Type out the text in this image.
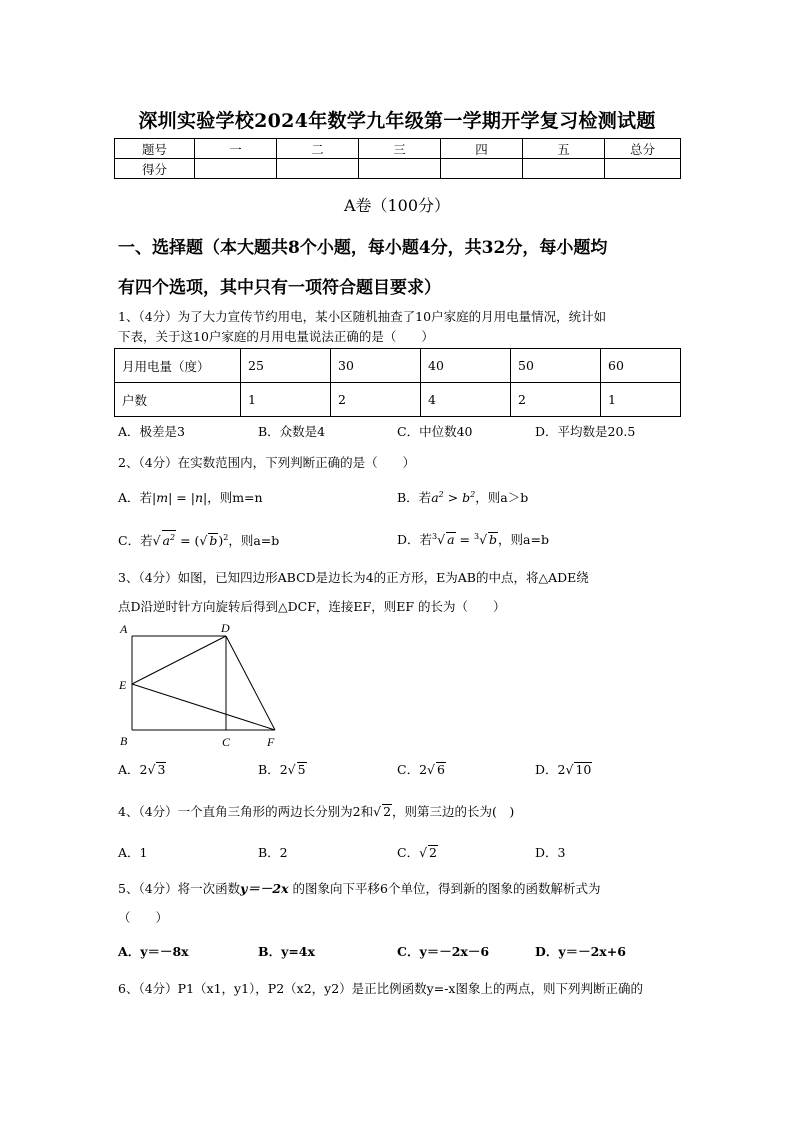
深圳实验学校2024年数学九年级第一学期开学复习检测试题
题号	一	二	三	四	五	总分
得分						
A卷（100分）
一、选择题（本大题共8个小题，每小题4分，共32分，每小题均
有四个选项，其中只有一项符合题目要求）
1、（4分）为了大力宣传节约用电，某小区随机抽查了10户家庭的月用电量情况，统计如
下表，关于这10户家庭的月用电量说法正确的是（　　）
月用电量（度）	25	30	40	50	60
户数	1	2	4	2	1
A．极差是3	B．众数是4	C．中位数40	D．平均数是20.5
2、（4分）在实数范围内，下列判断正确的是（　　）
A．若|m| = |n|，则m=n	B．若$a^2 > b^2$，则a＞b
C．若√ $a^2$ = (√ b)$^2$，则a=b	D．若$^3$√ a = $^3$√ b，则a=b
3、（4分）如图，已知四边形ABCD是边长为4的正方形，E为AB的中点，将△ADE绕
点D沿逆时针方向旋转后得到△DCF，连接EF，则EF 的长为（　　）
A	D
E
B	C	F
A．2√ 3	B．2√ 5	C．2√ 6	D．2√ 10
4、（4分）一个直角三角形的两边长分别为2和√ 2，则第三边的长为(　)
A．1	B．2	C．√ 2	D．3
5、（4分）将一次函数y＝－2x 的图象向下平移6个单位，得到新的图象的函数解析式为
（　　）
A．y＝－8x	B．y=4x	C．y＝－2x－6	D．y＝－2x+6
6、（4分）P1（x1，y1），P2（x2，y2）是正比例函数y=-x图象上的两点，则下列判断正确的
